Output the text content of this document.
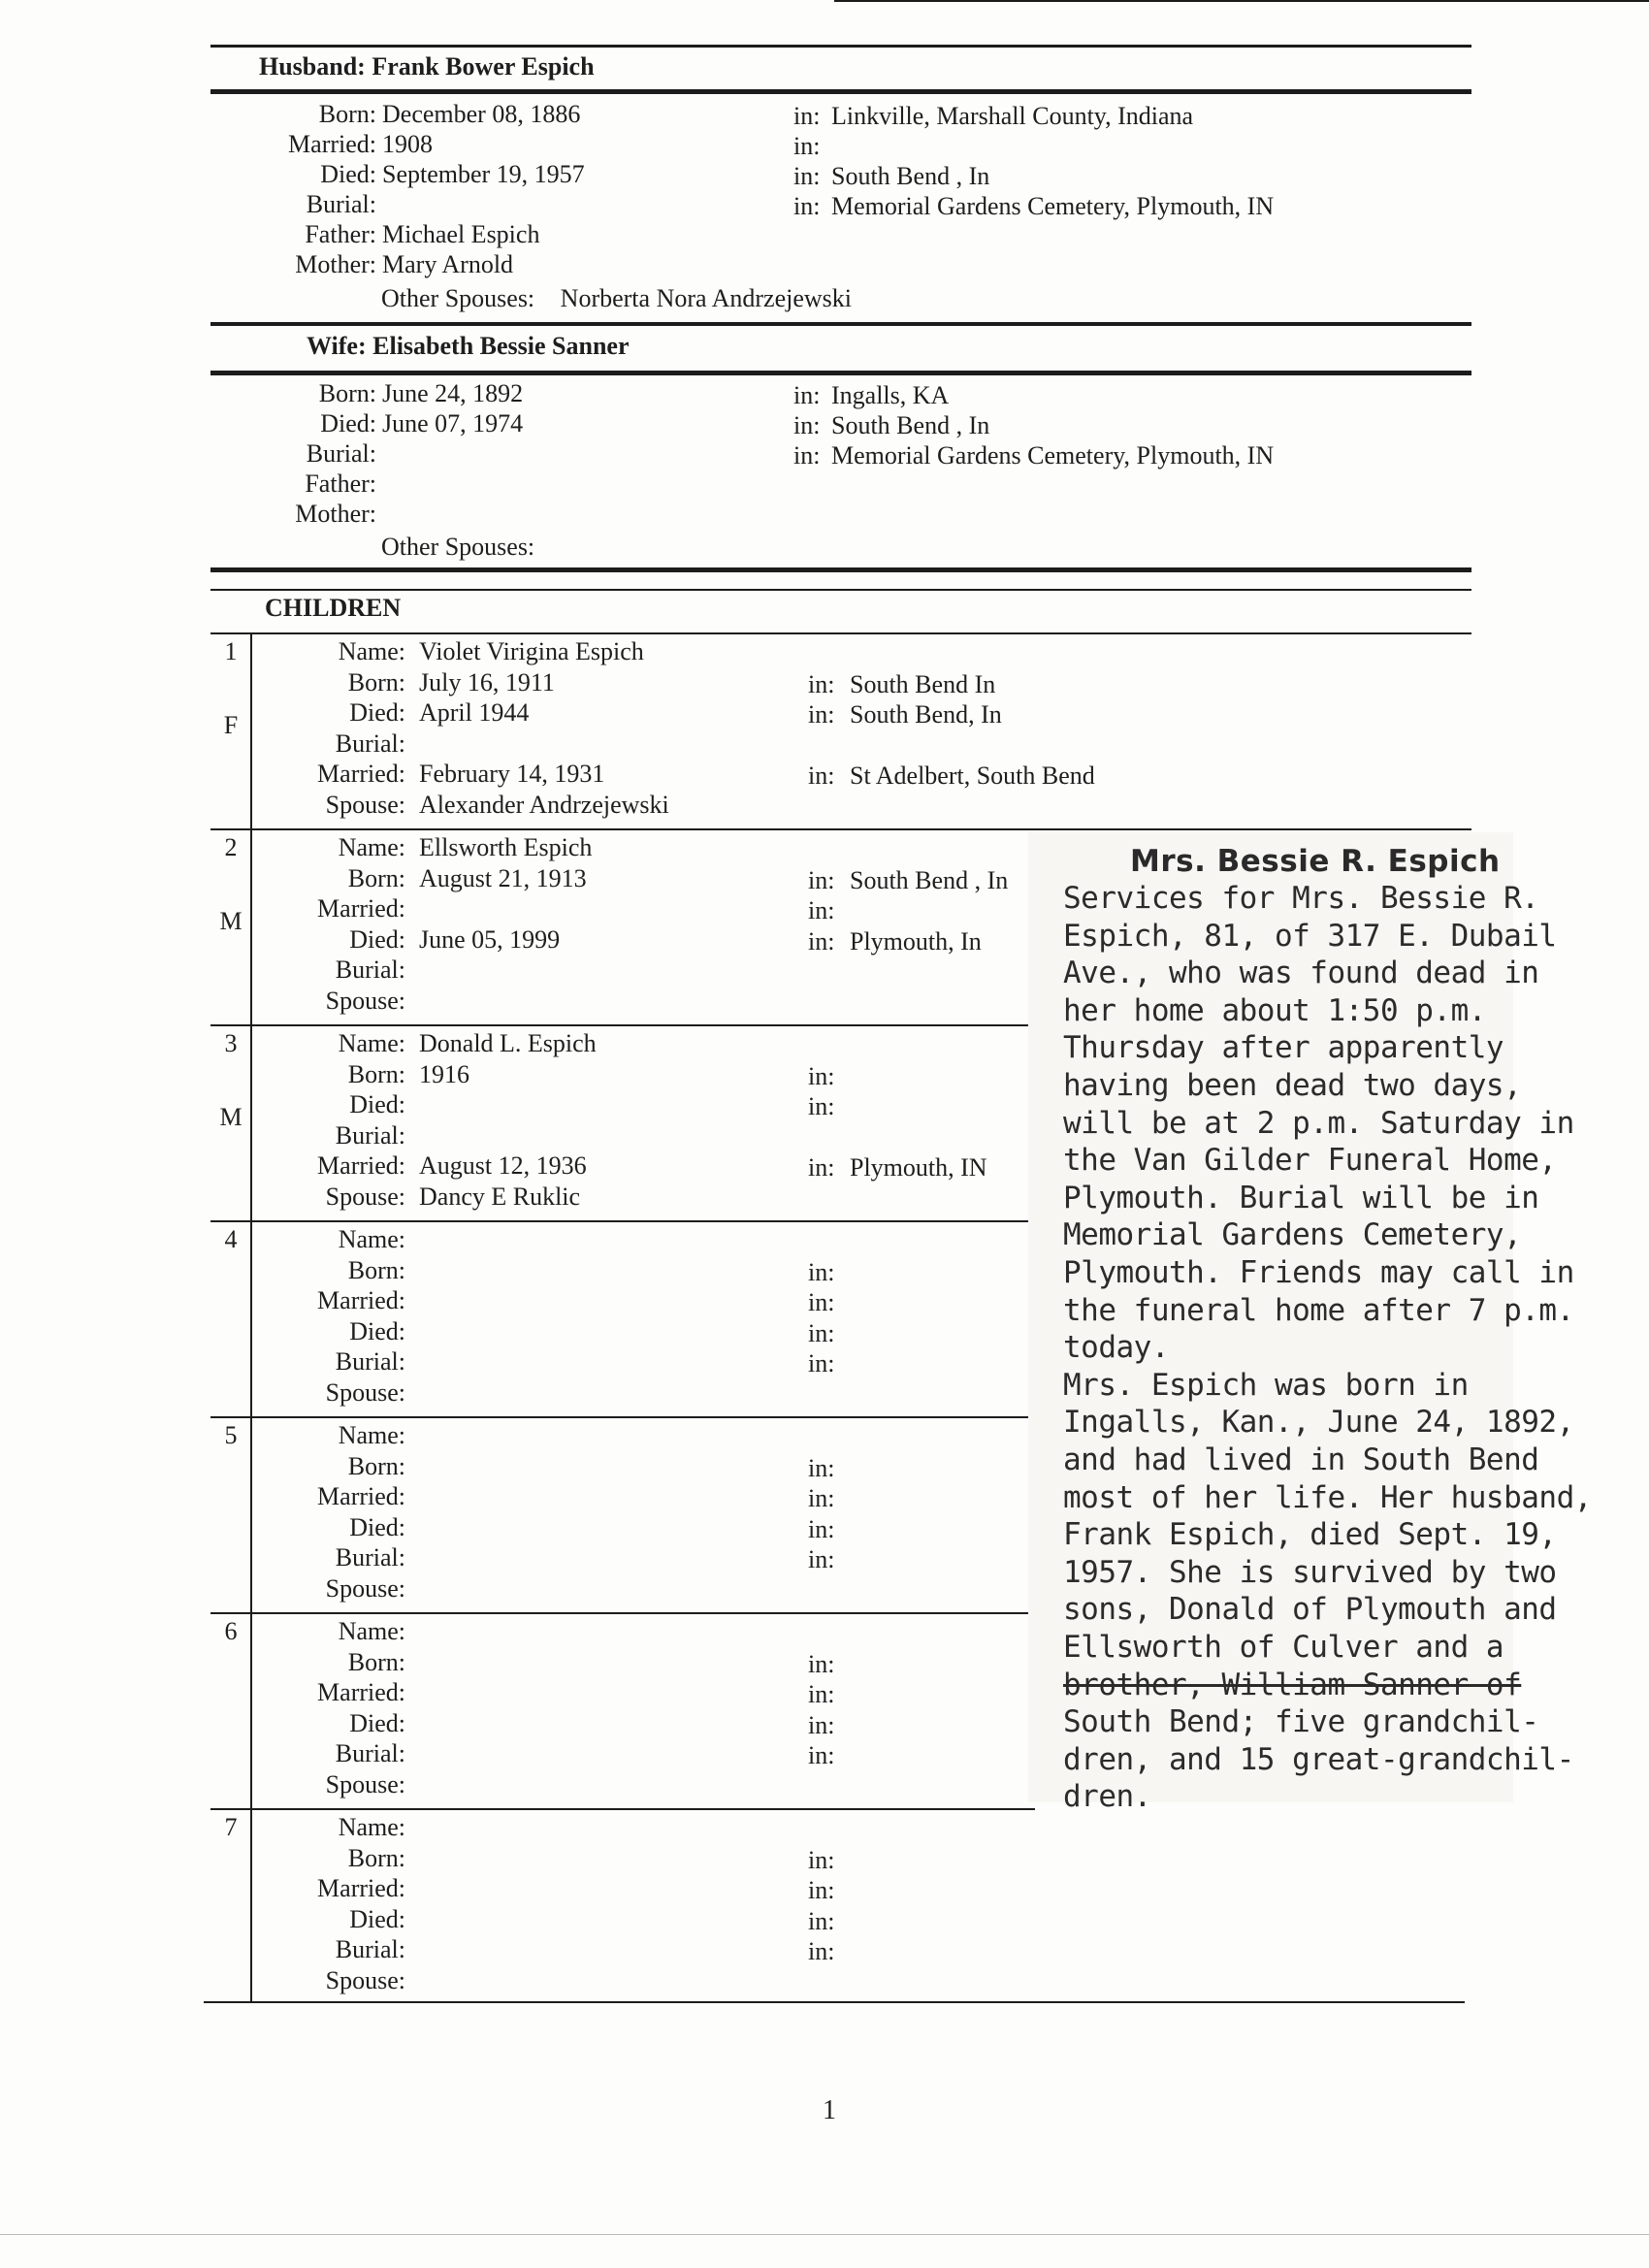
Husband: Frank Bower Espich
Born: December 08, 1886	in: Linkville, Marshall County, Indiana
Married: 1908	in:
Died: September 19, 1957	in: South Bend , In
Burial:	in: Memorial Gardens Cemetery, Plymouth, IN
Father: Michael Espich
Mother: Mary Arnold
Other Spouses: Norberta Nora Andrzejewski
Wife: Elisabeth Bessie Sanner
Born: June 24, 1892	in: Ingalls, KA
Died: June 07, 1974	in: South Bend , In
Burial:	in: Memorial Gardens Cemetery, Plymouth, IN
Father:
Mother:
Other Spouses:
CHILDREN
1
F
Name: Violet Virigina Espich
Born: July 16, 1911	in: South Bend In
Died: April 1944	in: South Bend, In
Burial:
Married: February 14, 1931	in: St Adelbert, South Bend
Spouse: Alexander Andrzejewski
2
M
Name: Ellsworth Espich
Born: August 21, 1913	in: South Bend , In
Married:	in:
Died: June 05, 1999	in: Plymouth, In
Burial:
Spouse:
3
M
Name: Donald L. Espich
Born: 1916	in:
Died:	in:
Burial:
Married: August 12, 1936	in: Plymouth, IN
Spouse: Dancy E Ruklic
4	Name:
Born:	in:
Married:	in:
Died:	in:
Burial:	in:
Spouse:
5	Name:
Born:	in:
Married:	in:
Died:	in:
Burial:	in:
Spouse:
6	Name:
Born:	in:
Married:	in:
Died:	in:
Burial:	in:
Spouse:
7	Name:
Born:	in:
Married:	in:
Died:	in:
Burial:	in:
Spouse:
Mrs. Bessie R. Espich
Services for Mrs. Bessie R.
Espich, 81, of 317 E. Dubail
Ave., who was found dead in
her home about 1:50 p.m.
Thursday after apparently
having been dead two days,
will be at 2 p.m. Saturday in
the Van Gilder Funeral Home,
Plymouth. Burial will be in
Memorial Gardens Cemetery,
Plymouth. Friends may call in
the funeral home after 7 p.m.
today.
Mrs. Espich was born in
Ingalls, Kan., June 24, 1892,
and had lived in South Bend
most of her life. Her husband,
Frank Espich, died Sept. 19,
1957. She is survived by two
sons, Donald of Plymouth and
Ellsworth of Culver and a
brother, William Sanner of
South Bend; five grandchil-
dren, and 15 great-grandchil-
dren.
1
